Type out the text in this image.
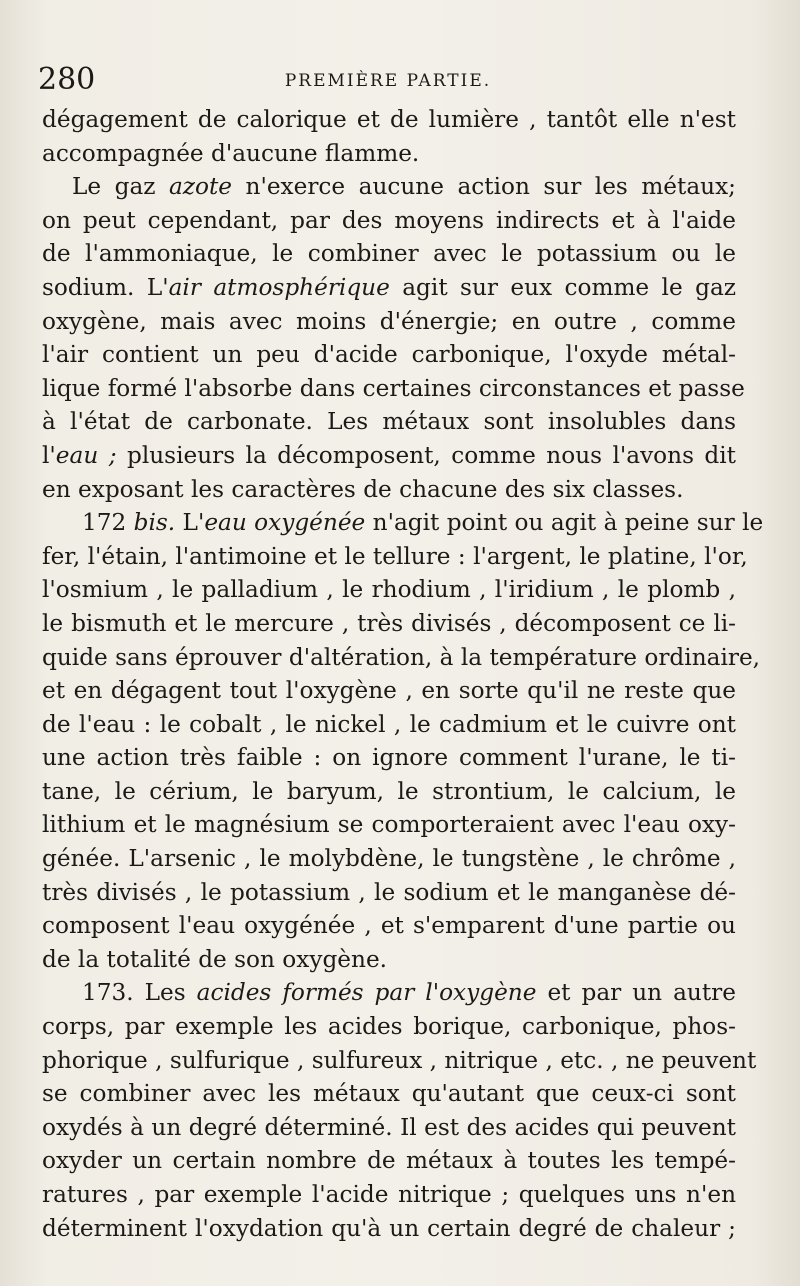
280	PREMIÈRE PARTIE.
dégagement de calorique et de lumière , tantôt elle n'est
accompagnée d'aucune flamme.
Le gaz azote n'exerce aucune action sur les métaux;
on peut cependant, par des moyens indirects et à l'aide
de l'ammoniaque, le combiner avec le potassium ou le
sodium. L'air atmosphérique agit sur eux comme le gaz
oxygène, mais avec moins d'énergie; en outre , comme
l'air contient un peu d'acide carbonique, l'oxyde métal-
lique formé l'absorbe dans certaines circonstances et passe
à l'état de carbonate. Les métaux sont insolubles dans
l'eau ; plusieurs la décomposent, comme nous l'avons dit
en exposant les caractères de chacune des six classes.
172 bis. L'eau oxygénée n'agit point ou agit à peine sur le
fer, l'étain, l'antimoine et le tellure : l'argent, le platine, l'or,
l'osmium , le palladium , le rhodium , l'iridium , le plomb ,
le bismuth et le mercure , très divisés , décomposent ce li-
quide sans éprouver d'altération, à la température ordinaire,
et en dégagent tout l'oxygène , en sorte qu'il ne reste que
de l'eau : le cobalt , le nickel , le cadmium et le cuivre ont
une action très faible : on ignore comment l'urane, le ti-
tane, le cérium, le baryum, le strontium, le calcium, le
lithium et le magnésium se comporteraient avec l'eau oxy-
génée. L'arsenic , le molybdène, le tungstène , le chrôme ,
très divisés , le potassium , le sodium et le manganèse dé-
composent l'eau oxygénée , et s'emparent d'une partie ou
de la totalité de son oxygène.
173. Les acides formés par l'oxygène et par un autre
corps, par exemple les acides borique, carbonique, phos-
phorique , sulfurique , sulfureux , nitrique , etc. , ne peuvent
se combiner avec les métaux qu'autant que ceux-ci sont
oxydés à un degré déterminé. Il est des acides qui peuvent
oxyder un certain nombre de métaux à toutes les tempé-
ratures , par exemple l'acide nitrique ; quelques uns n'en
déterminent l'oxydation qu'à un certain degré de chaleur ;
